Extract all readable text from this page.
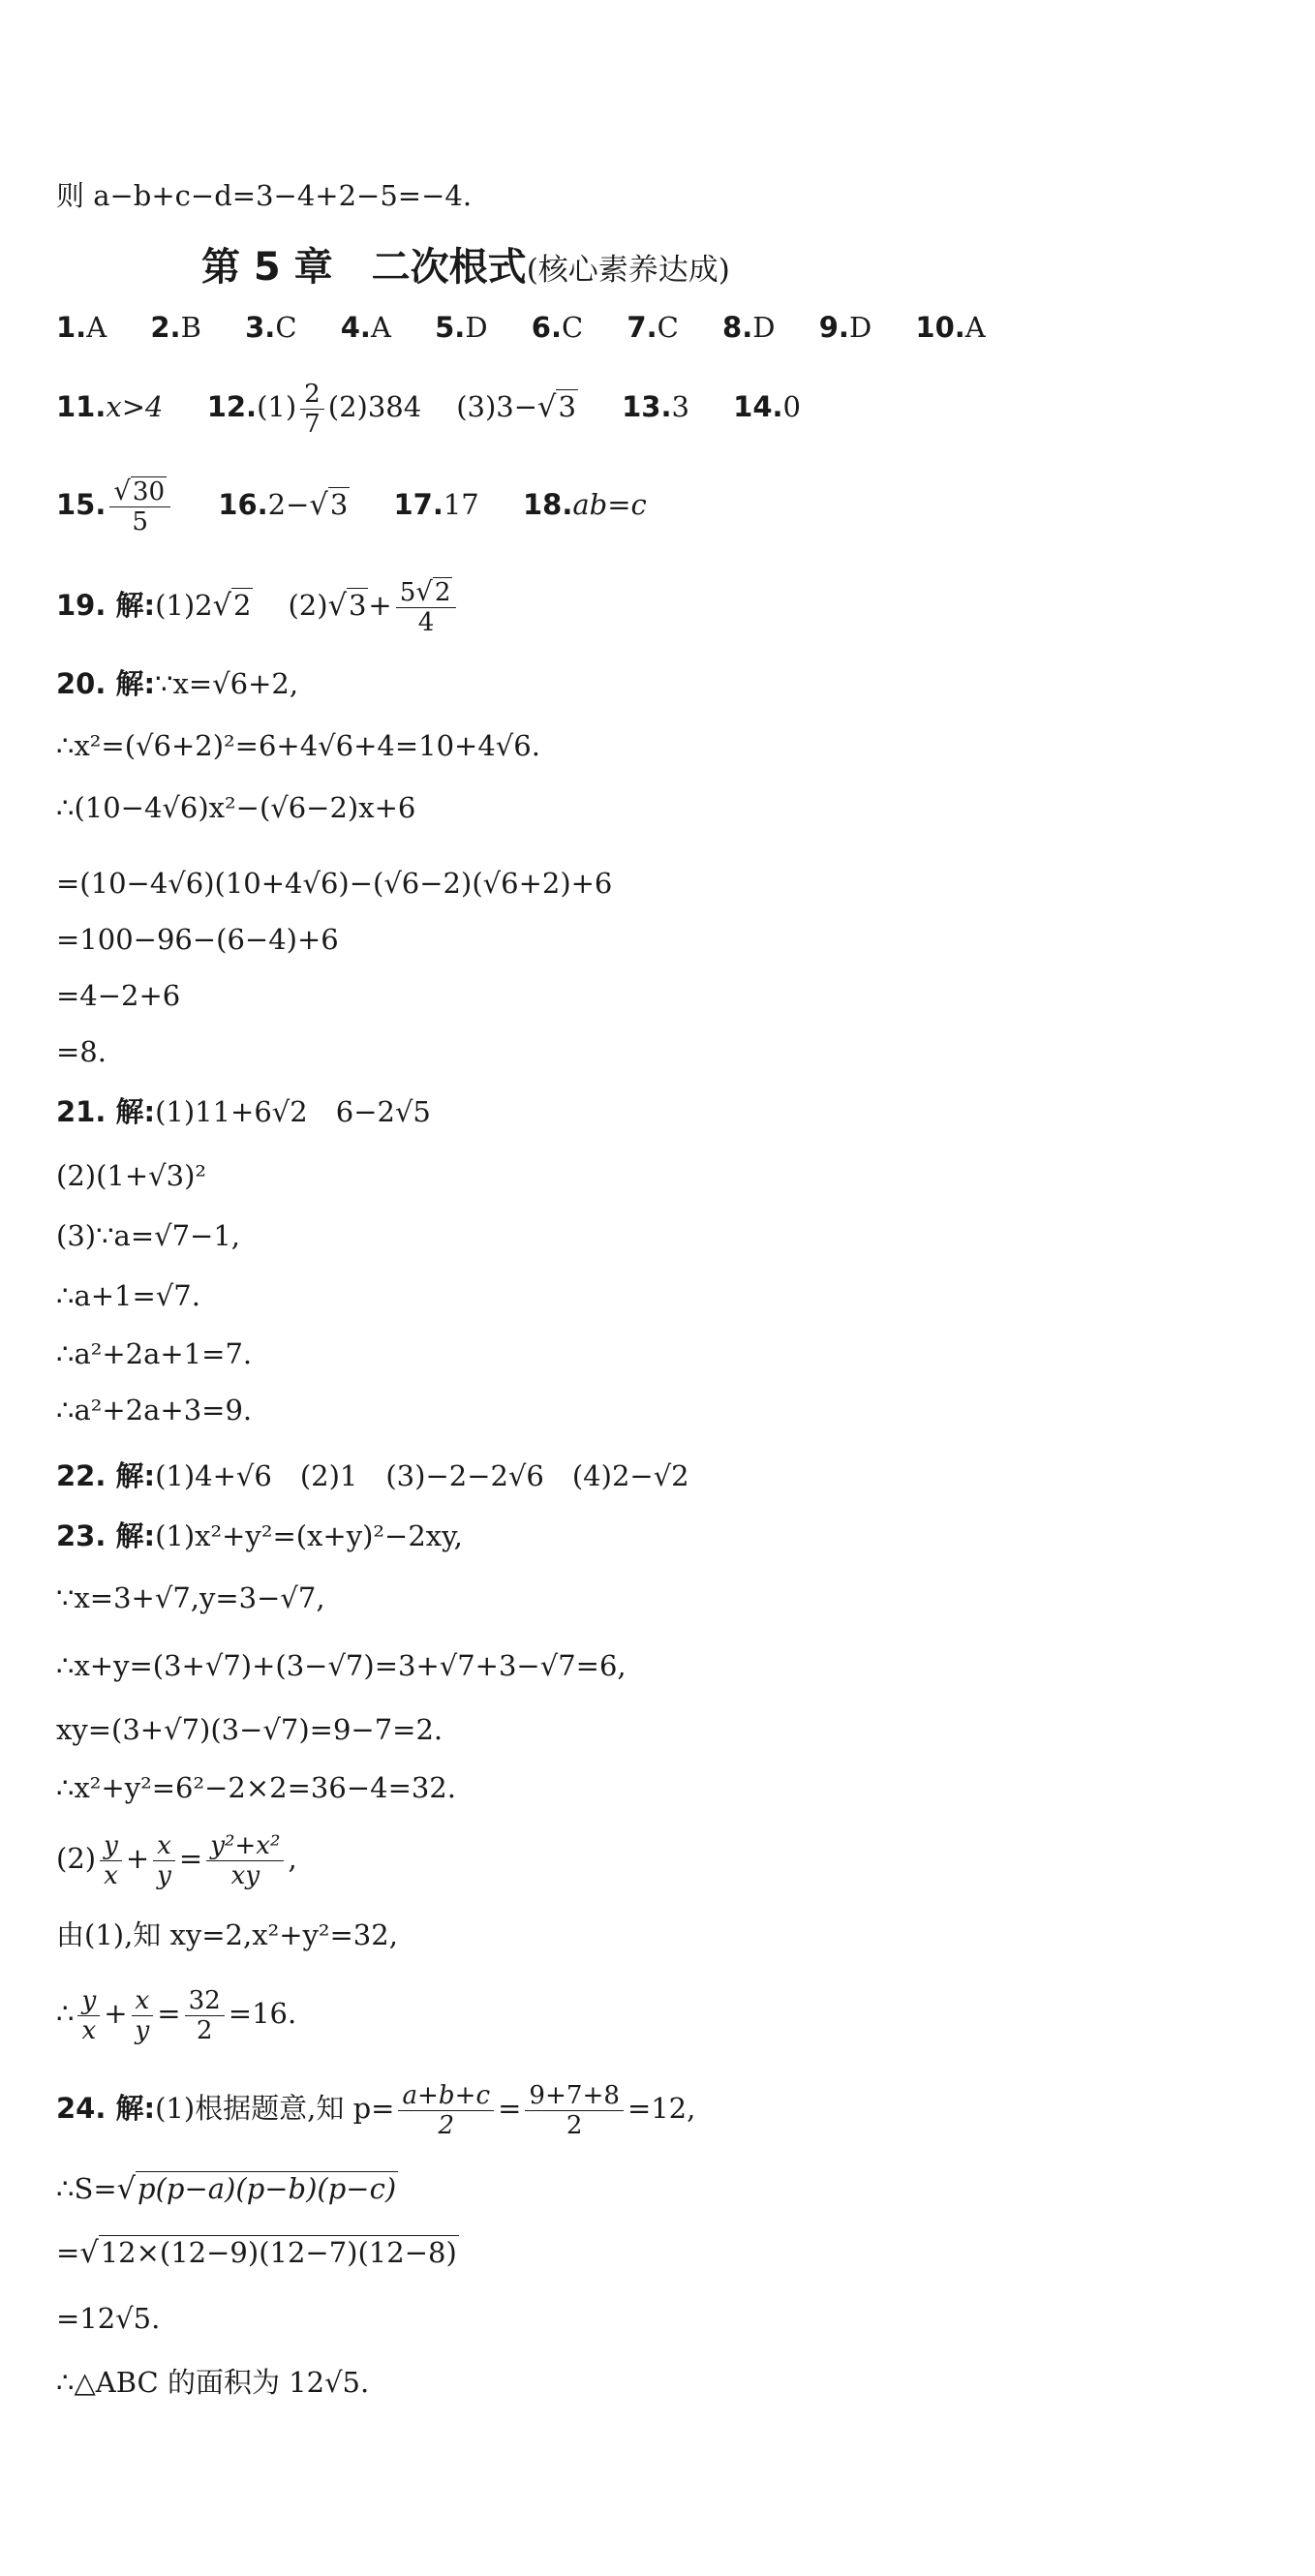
则 a−b+c−d=3−4+2−5=−4.
第 5 章　二次根式(核心素养达成)
1.A 2.B 3.C 4.A 5.D 6.C 7.C 8.D 9.D 10.A
11.x>4 $12.(1) \frac{2}{7} (2)384$ (3)3−√3 13.3 14.0
15. $\frac{√30}{5} 16.2-√3$ 17.17 18.ab=c
19. 解:(1)2√2 $(2)√3+ \frac{5√2}{4}$
20. 解:∵x=√6+2,
∴x²=(√6+2)²=6+4√6+4=10+4√6.
∴(10−4√6)x²−(√6−2)x+6
=(10−4√6)(10+4√6)−(√6−2)(√6+2)+6
=100−96−(6−4)+6
=4−2+6
=8.
21. 解:(1)11+6√2　6−2√5
(2)(1+√3)²
(3)∵a=√7−1,
∴a+1=√7.
∴a²+2a+1=7.
∴a²+2a+3=9.
22. 解:(1)4+√6　(2)1　(3)−2−2√6　(4)2−√2
23. 解:(1)x²+y²=(x+y)²−2xy,
∵x=3+√7,y=3−√7,
∴x+y=(3+√7)+(3−√7)=3+√7+3−√7=6,
xy=(3+√7)(3−√7)=9−7=2.
∴x²+y²=6²−2×2=36−4=32.
$(2) \frac{y}{x} + \frac{x}{y} = \frac{\text{y²+x²}}{xy}$ ,
由(1),知 xy=2,x²+y²=32,
∴ $\frac{y}{x} + \frac{x}{y} = \frac{32}{2} =16$.
24. 解:(1)根据题意,知 $p= \frac{a+b+c}{2} = \frac{9+7+8}{2} =12$,
∴S=√p(p−a)(p−b)(p−c)
=√12×(12−9)(12−7)(12−8)
=12√5.
∴△ABC 的面积为 12√5.
